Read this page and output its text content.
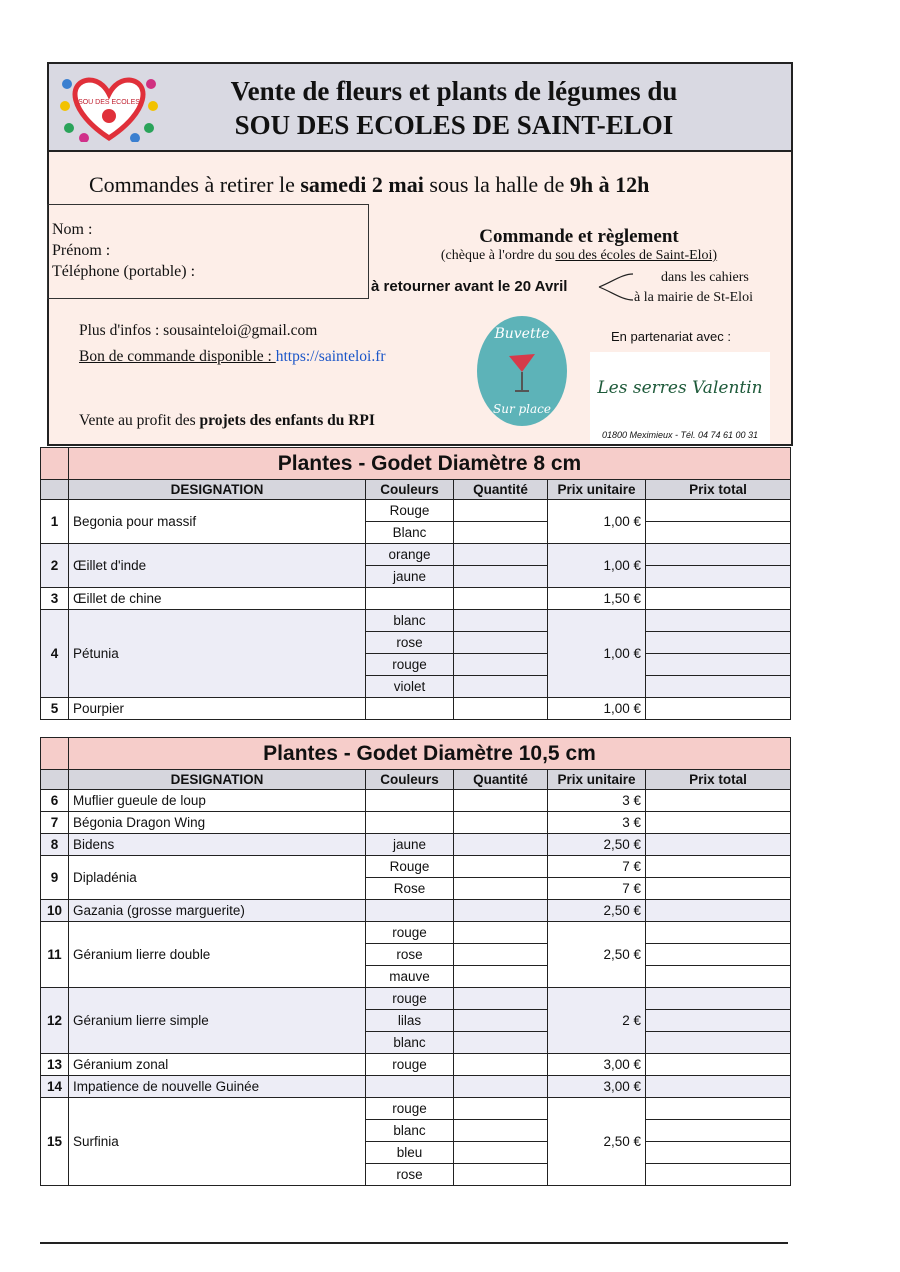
SOU DES ECOLES	Vente de fleurs et plants de légumes du
SOU DES ECOLES DE SAINT-ELOI
Commandes à retirer le samedi 2 mai sous la halle de 9h à 12h
Nom :
Prénom :
Téléphone (portable) :
Commande et règlement
(chèque à l'ordre du sou des écoles de Saint-Eloi)
à retourner avant le 20 Avril
dans les cahiers
à la mairie de St-Eloi
Plus d'infos : sousainteloi@gmail.com
Bon de commande disponible : https://sainteloi.fr
Vente au profit des projets des enfants du RPI
Buvette
Sur place
En partenariat avec :
Les serres Valentin
01800 Meximieux - Tél. 04 74 61 00 31
	Plantes - Godet Diamètre 8 cm				
	DESIGNATION	Couleurs	Quantité	Prix unitaire	Prix total
1	Begonia pour massif	Rouge		1,00 €	
		Blanc			
2	Œillet d'inde	orange		1,00 €	
		jaune			
3	Œillet de chine			1,50 €	
4	Pétunia	blanc		1,00 €	
		rose			
		rouge			
		violet			
5	Pourpier			1,00 €	
	Plantes - Godet Diamètre 10,5 cm				
	DESIGNATION	Couleurs	Quantité	Prix unitaire	Prix total
6	Muflier gueule de loup			3 €	
7	Bégonia Dragon Wing			3 €	
8	Bidens	jaune		2,50 €	
9	Dipladénia	Rouge		7 €	
		Rose		7 €	
10	Gazania (grosse marguerite)			2,50 €	
11	Géranium lierre double	rouge		2,50 €	
		rose			
		mauve			
12	Géranium lierre simple	rouge		2 €	
		lilas			
		blanc			
13	Géranium zonal	rouge		3,00 €	
14	Impatience de nouvelle Guinée			3,00 €	
15	Surfinia	rouge		2,50 €	
		blanc			
		bleu			
		rose			
